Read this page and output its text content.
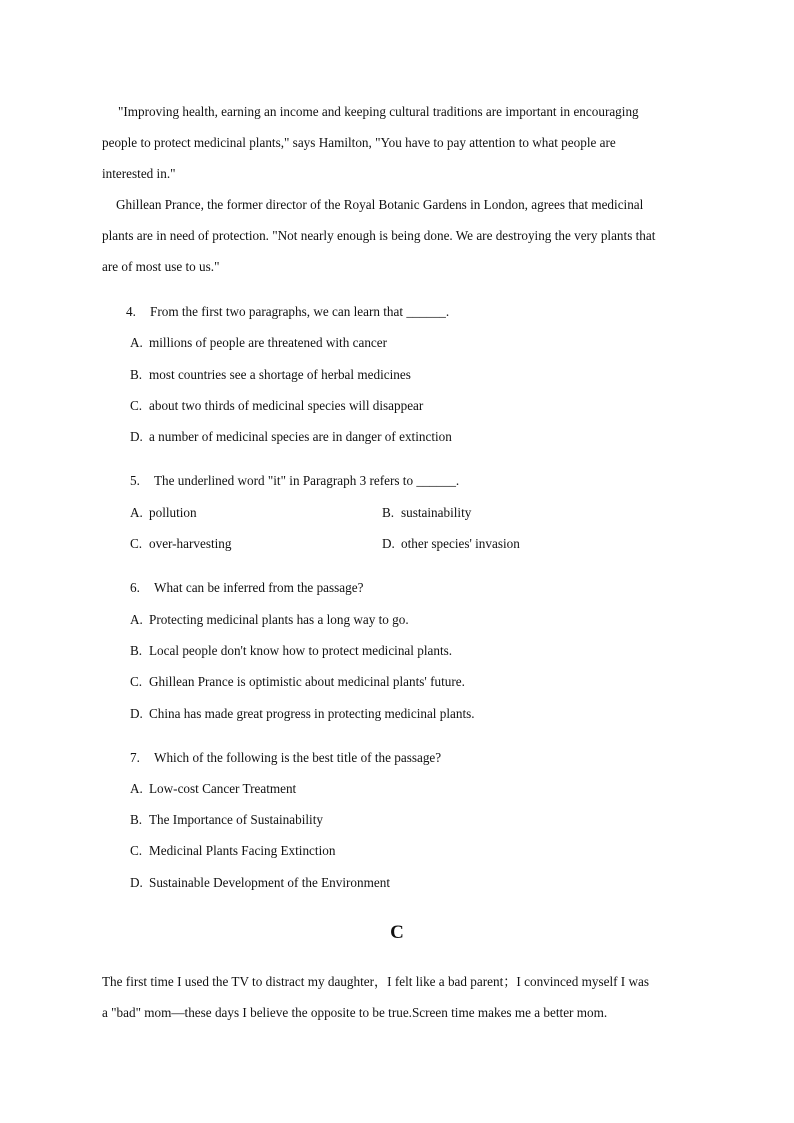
"Improving health, earning an income and keeping cultural traditions are important in encouraging
people to protect medicinal plants," says Hamilton, "You have to pay attention to what people are
interested in."
Ghillean Prance, the former director of the Royal Botanic Gardens in London, agrees that medicinal
plants are in need of protection. "Not nearly enough is being done. We are destroying the very plants that
are of most use to us."
4. From the first two paragraphs, we can learn that ______.
A. millions of people are threatened with cancer
B. most countries see a shortage of herbal medicines
C. about two thirds of medicinal species will disappear
D. a number of medicinal species are in danger of extinction
5. The underlined word "it" in Paragraph 3 refers to ______.
A. pollution	B. sustainability
C. over-harvesting	D. other species' invasion
6. What can be inferred from the passage?
A. Protecting medicinal plants has a long way to go.
B. Local people don't know how to protect medicinal plants.
C. Ghillean Prance is optimistic about medicinal plants' future.
D. China has made great progress in protecting medicinal plants.
7. Which of the following is the best title of the passage?
A. Low-cost Cancer Treatment
B. The Importance of Sustainability
C. Medicinal Plants Facing Extinction
D. Sustainable Development of the Environment
C
The first time I used the TV to distract my daughter，I felt like a bad parent；I convinced myself I was
a "bad" mom—these days I believe the opposite to be true.Screen time makes me a better mom.
